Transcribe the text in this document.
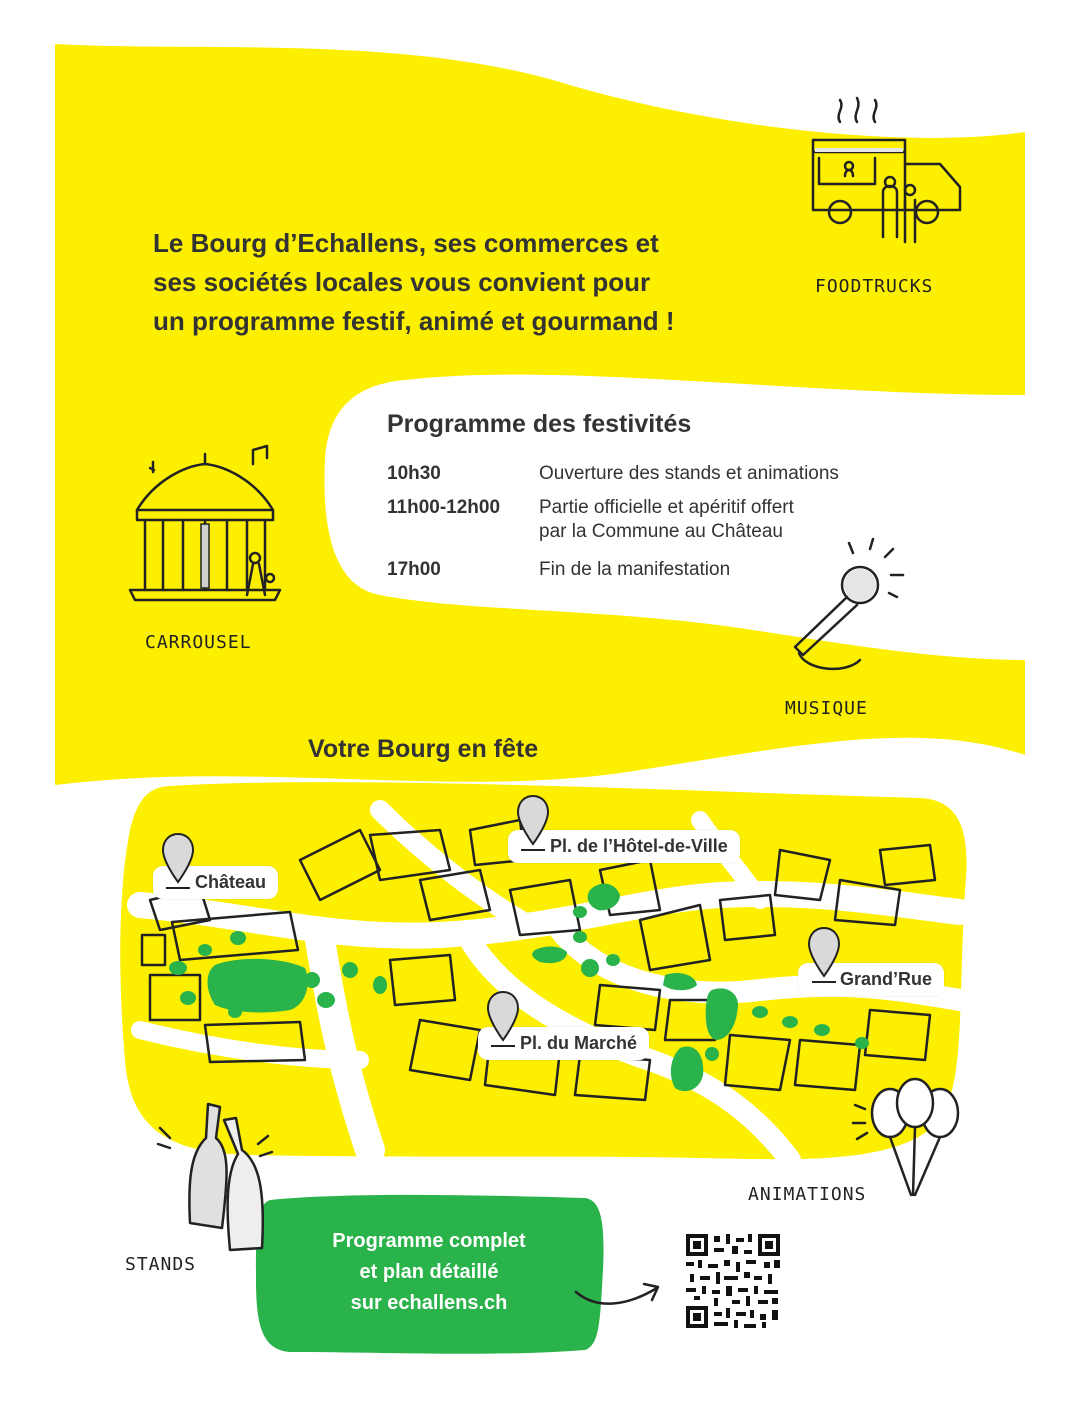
Le Bourg d’Echallens, ses commerces et
ses sociétés locales vous convient pour
un programme festif, animé et gourmand !
FOODTRUCKS
Programme des festivités
10h30	Ouverture des stands et animations
11h00-12h00	Partie officielle et apéritif offert
par la Commune au Château
17h00	Fin de la manifestation
CARROUSEL
MUSIQUE
Votre Bourg en fête
Château
Pl. de l’Hôtel-de-Ville
Grand’Rue
Pl. du Marché
STANDS
ANIMATIONS
Programme complet
et plan détaillé
sur echallens.ch
